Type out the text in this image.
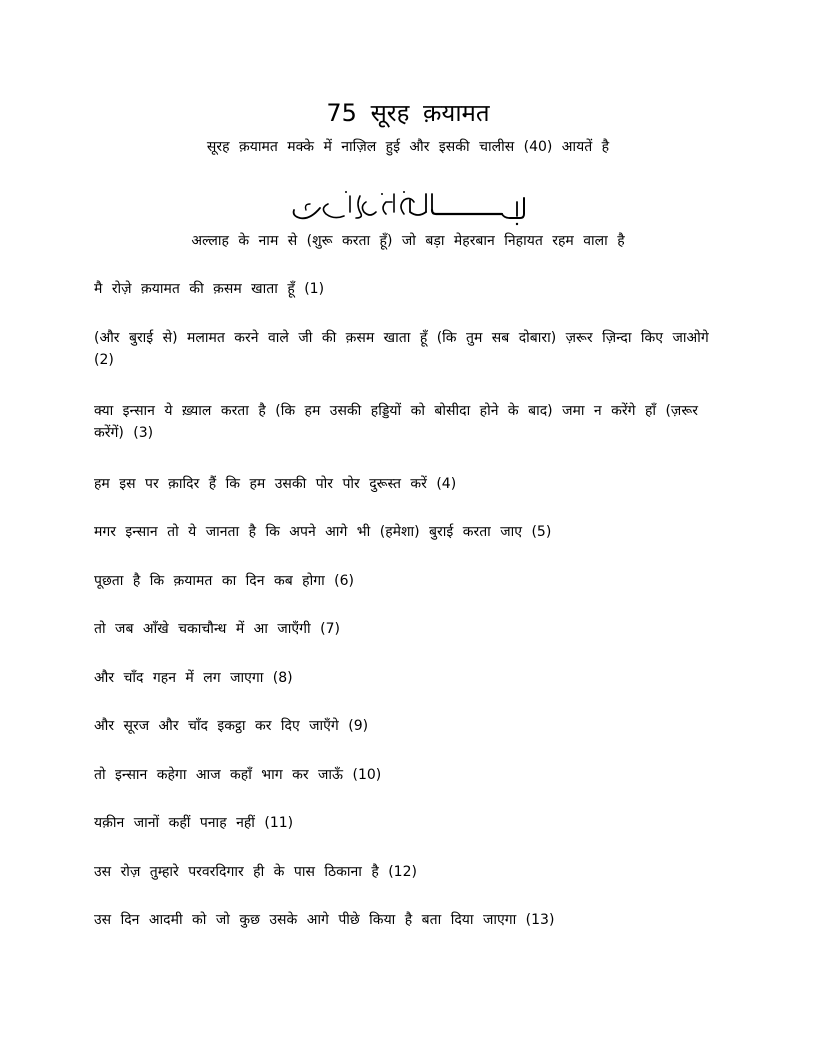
75 सूरह क़यामत
सूरह क़यामत मक्के में नाज़िल हुई और इसकी चालीस (40) आयतें है
अल्लाह के नाम से (शुरू करता हूँ) जो बड़ा मेहरबान निहायत रहम वाला है
मै रोज़े क़यामत की क़सम खाता हूँ (1)
(और बुराई से) मलामत करने वाले जी की क़सम खाता हूँ (कि तुम सब दोबारा) ज़रूर ज़िन्दा किए जाओगे (2)
क्या इन्सान ये ख़्याल करता है (कि हम उसकी हड्डियों को बोसीदा होने के बाद) जमा न करेंगे हाँ (ज़रूर करेंगें) (3)
हम इस पर क़ादिर हैं कि हम उसकी पोर पोर दुरूस्त करें (4)
मगर इन्सान तो ये जानता है कि अपने आगे भी (हमेशा) बुराई करता जाए (5)
पूछता है कि क़यामत का दिन कब होगा (6)
तो जब ऑंखे चकाचौन्ध में आ जाएँगी (7)
और चाँद गहन में लग जाएगा (8)
और सूरज और चाँद इकट्ठा कर दिए जाएँगे (9)
तो इन्सान कहेगा आज कहाँ भाग कर जाऊँ (10)
यक़ीन जानों कहीं पनाह नहीं (11)
उस रोज़ तुम्हारे परवरदिगार ही के पास ठिकाना है (12)
उस दिन आदमी को जो कुछ उसके आगे पीछे किया है बता दिया जाएगा (13)
